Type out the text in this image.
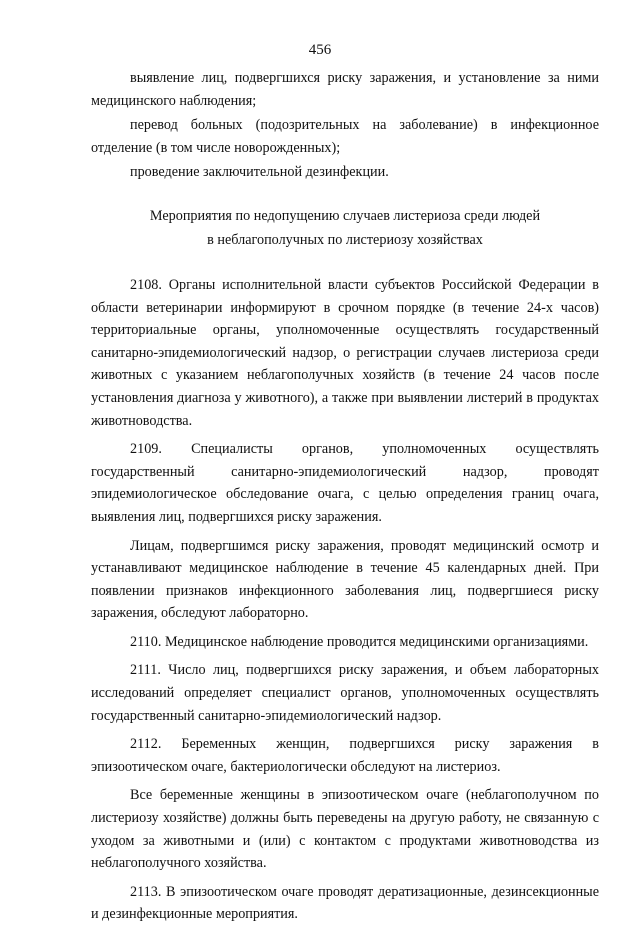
456

выявление лиц, подвергшихся риску заражения, и установление за ними медицинского наблюдения;

перевод больных (подозрительных на заболевание) в инфекционное отделение (в том числе новорожденных);

проведение заключительной дезинфекции.

Мероприятия по недопущению случаев листериоза среди людей

в неблагополучных по листериозу хозяйствах

2108. Органы исполнительной власти субъектов Российской Федерации в области ветеринарии информируют в срочном порядке (в течение 24-х часов) территориальные органы, уполномоченные осуществлять государственный санитарно-эпидемиологический надзор, о регистрации случаев листериоза среди животных с указанием неблагополучных хозяйств (в течение 24 часов после установления диагноза у животного), а также при выявлении листерий в продуктах животноводства.

2109. Специалисты органов, уполномоченных осуществлять государственный санитарно-эпидемиологический надзор, проводят эпидемиологическое обследование очага, с целью определения границ очага, выявления лиц, подвергшихся риску заражения.

Лицам, подвергшимся риску заражения, проводят медицинский осмотр и устанавливают медицинское наблюдение в течение 45 календарных дней. При появлении признаков инфекционного заболевания лиц, подвергшиеся риску заражения, обследуют лабораторно.

2110. Медицинское наблюдение проводится медицинскими организациями.

2111. Число лиц, подвергшихся риску заражения, и объем лабораторных исследований определяет специалист органов, уполномоченных осуществлять государственный санитарно-эпидемиологический надзор.

2112. Беременных женщин, подвергшихся риску заражения в эпизоотическом очаге, бактериологически обследуют на листериоз.

Все беременные женщины в эпизоотическом очаге (неблагополучном по листериозу хозяйстве) должны быть переведены на другую работу, не связанную с уходом за животными и (или) с контактом с продуктами животноводства из неблагополучного хозяйства.

2113. В эпизоотическом очаге проводят дератизационные, дезинсекционные и дезинфекционные мероприятия.
